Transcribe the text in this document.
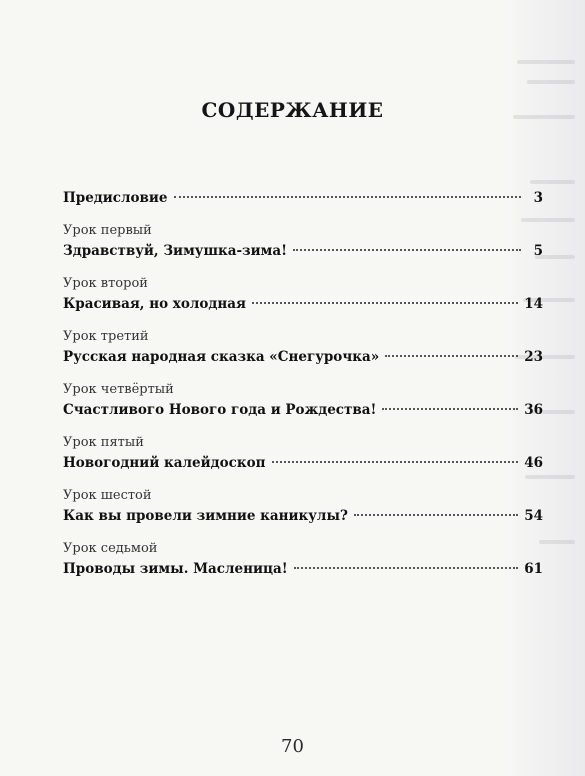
СОДЕРЖАНИЕ
Предисловие	3
Урок первый
Здравствуй, Зимушка-зима!	5
Урок второй
Красивая, но холодная	14
Урок третий
Русская народная сказка «Снегурочка»	23
Урок четвёртый
Счастливого Нового года и Рождества!	36
Урок пятый
Новогодний калейдоскоп	46
Урок шестой
Как вы провели зимние каникулы?	54
Урок седьмой
Проводы зимы. Масленица!	61
70
